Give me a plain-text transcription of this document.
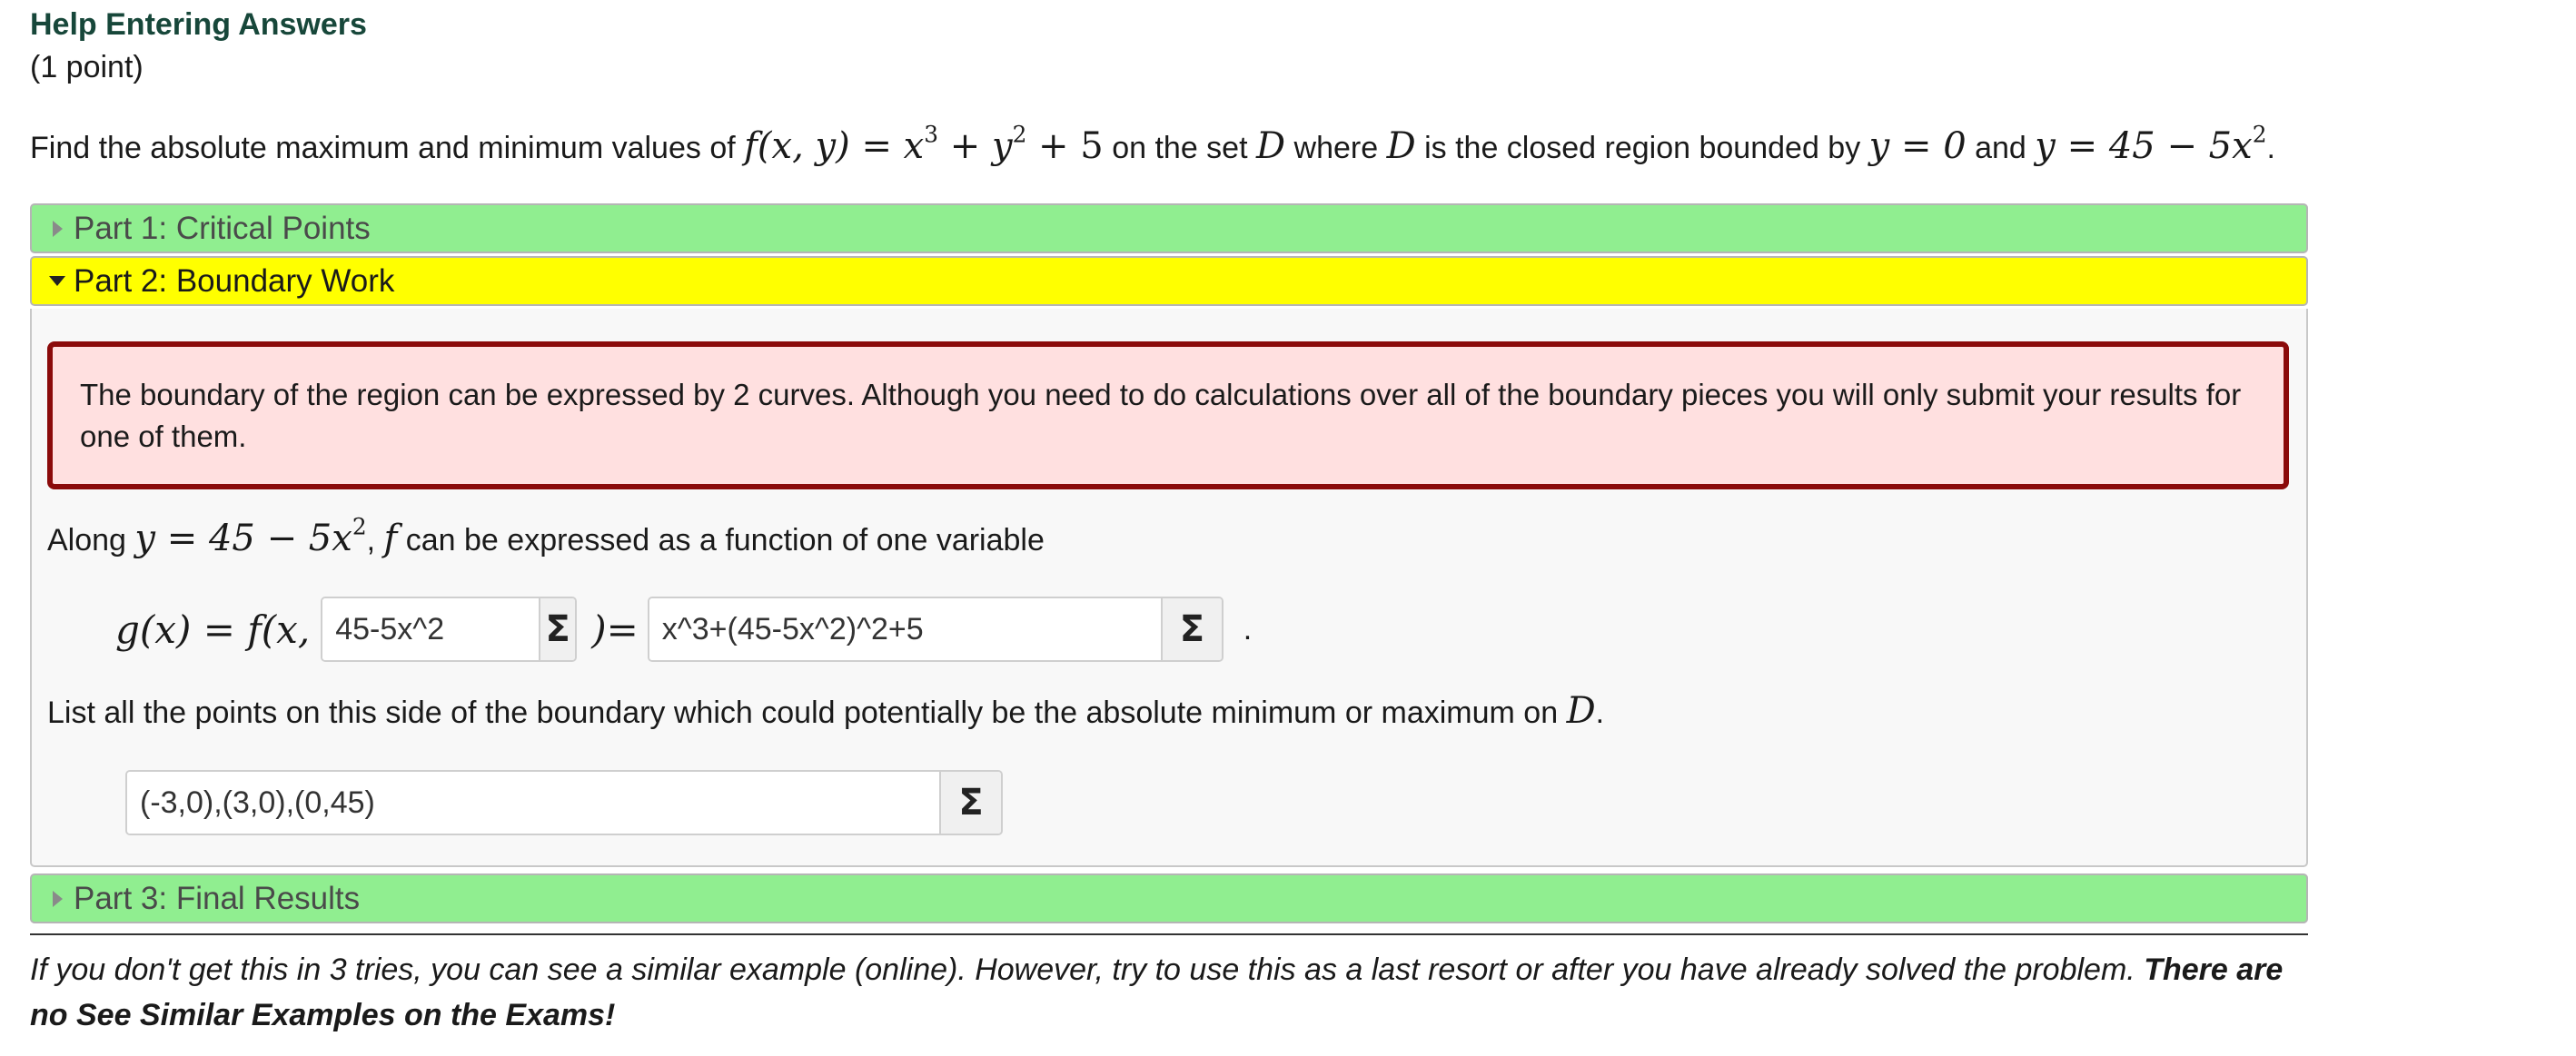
Help Entering Answers
(1 point)
Find the absolute maximum and minimum values of f(x, $y) = x^3 + y^2 + 5$ on the set D where D is the closed region bounded by y = 0 and $y = 45 - 5x^2$.
Part 1: Critical Points
Part 2: Boundary Work
The boundary of the region can be expressed by 2 curves. Although you need to do calculations over all of the boundary pieces you will only submit your results for one of them.
Along $y = 45 - 5x^2$, f can be expressed as a function of one variable
g(x) = f(x,
45-5x^2	Σ )=
x^3+(45-5x^2)^2+5	Σ	.
List all the points on this side of the boundary which could potentially be the absolute minimum or maximum on D.
(-3,0),(3,0),(0,45)
Σ
Part 3: Final Results
If you don't get this in 3 tries, you can see a similar example (online). However, try to use this as a last resort or after you have already solved the problem. There are no See Similar Examples on the Exams!
